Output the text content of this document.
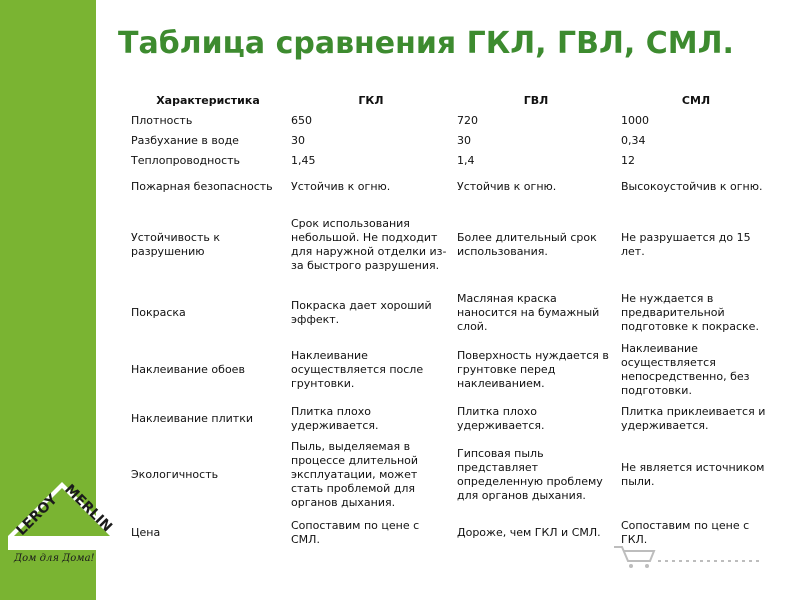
Таблица сравнения ГКЛ, ГВЛ, СМЛ.
Характеристика	ГКЛ	ГВЛ	СМЛ
Плотность	650	720	1000
Разбухание в воде	30	30	0,34
Теплопроводность	1,45	1,4	12
Пожарная безопасность	Устойчив к огню.	Устойчив к огню.	Высокоустойчив к огню.
Устойчивость к разрушению	Срок использования небольшой. Не подходит для наружной отделки из-за быстрого разрушения.	Более длительный срок использования.	Не разрушается до 15 лет.
Покраска	Покраска дает хороший эффект.	Масляная краска наносится на бумажный слой.	Не нуждается в предварительной подготовке к покраске.
Наклеивание обоев	Наклеивание осуществляется после грунтовки.	Поверхность нуждается в грунтовке перед наклеиванием.	Наклеивание осуществляется непосредственно, без подготовки.
Наклеивание плитки	Плитка плохо удерживается.	Плитка плохо удерживается.	Плитка приклеивается и удерживается.
Экологичность	Пыль, выделяемая в процессе длительной эксплуатации, может стать проблемой для органов дыхания.	Гипсовая пыль представляет определенную проблему для органов дыхания.	Не является источником пыли.
Цена	Сопоставим по цене с СМЛ.	Дороже, чем ГКЛ и СМЛ.	Сопоставим по цене с ГКЛ.
LEROY MERLIN
Дом для Дома!
